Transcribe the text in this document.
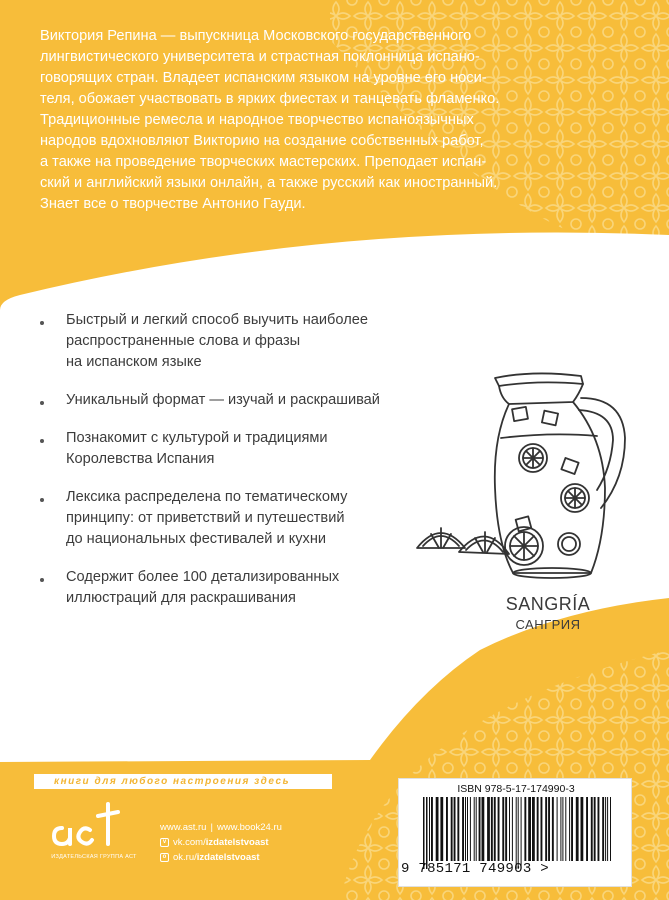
Виктория Репина — выпускница Московского государственного
лингвистического университета и страстная поклонница испано-
говорящих стран. Владеет испанским языком на уровне его носи-
теля, обожает участвовать в ярких фиестах и танцевать фламенко.
Традиционные ремесла и народное творчество испаноязычных
народов вдохновляют Викторию на создание собственных работ,
а также на проведение творческих мастерских. Преподает испан-
ский и английский языки онлайн, а также русский как иностранный.
Знает все о творчестве Антонио Гауди.
Быстрый и легкий способ выучить наиболее
распространенные слова и фразы
на испанском языке
Уникальный формат — изучай и раскрашивай
Познакомит с культурой и традициями
Королевства Испания
Лексика распределена по тематическому
принципу: от приветствий и путешествий
до национальных фестивалей и кухни
Содержит более 100 детализированных
иллюстраций для раскрашивания	SANGRÍA
САНГРИЯ
книги для любого настроения здесь
ИЗДАТЕЛЬСКАЯ ГРУППА АСТ
www.ast.ru | www.book24.ru
v vk.com/ izdatelstvoast
o ok.ru/ izdatelstvoast
ISBN 978-5-17-174990-3
9 785171 749903 >
